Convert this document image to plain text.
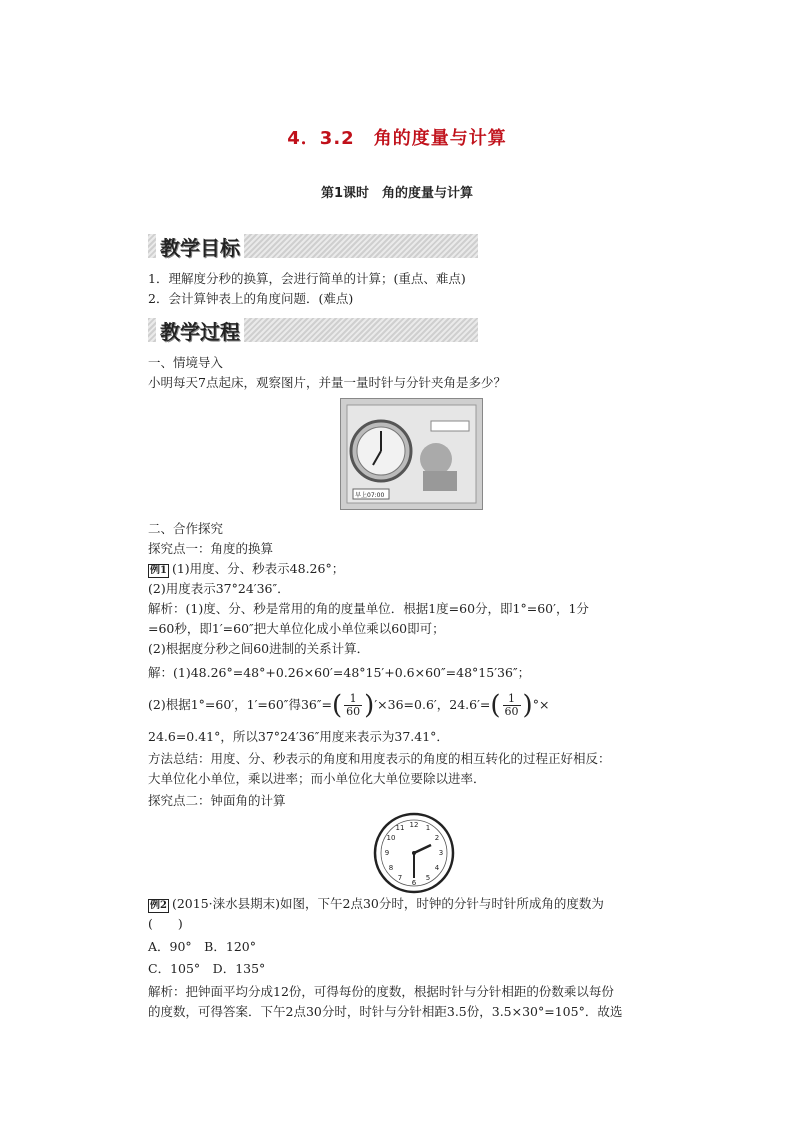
4．3.2　角的度量与计算
第1课时　角的度量与计算
教学目标
1．理解度分秒的换算，会进行简单的计算；(重点、难点)
2．会计算钟表上的角度问题．(难点)
教学过程
一、情境导入
小明每天7点起床，观察图片，并量一量时针与分针夹角是多少？
早上07:00
二、合作探究
探究点一：角度的换算
例1 (1)用度、分、秒表示48.26°；
(2)用度表示37°24′36″．
解析：(1)度、分、秒是常用的角的度量单位．根据1度=60分，即1°=60′，1分
=60秒，即1′=60″把大单位化成小单位乘以60即可；
(2)根据度分秒之间60进制的关系计算．
解：(1)48.26°=48°+0.26×60′=48°15′+0.6×60″=48°15′36″；
(2)根据1°=60′，1′=60″得$36''=( \frac{1}{60} )'\times 36=0.6'$，$24.6'=( \frac{1}{60}$ )°×
24.6=0.41°，所以37°24′36″用度来表示为37.41°．
方法总结：用度、分、秒表示的角度和用度表示的角度的相互转化的过程正好相反：
大单位化小单位，乘以进率；而小单位化大单位要除以进率．
探究点二：钟面角的计算
12 1
2
3
4
5
6
7
8
9
10
11
例2 (2015·涞水县期末)如图，下午2点30分时，时钟的分针与时针所成角的度数为
(　　)
A．90°　B．120°
C．105°　D．135°
解析：把钟面平均分成12份，可得每份的度数，根据时针与分针相距的份数乘以每份
的度数，可得答案．下午2点30分时，时针与分针相距3.5份，3.5×30°=105°．故选
